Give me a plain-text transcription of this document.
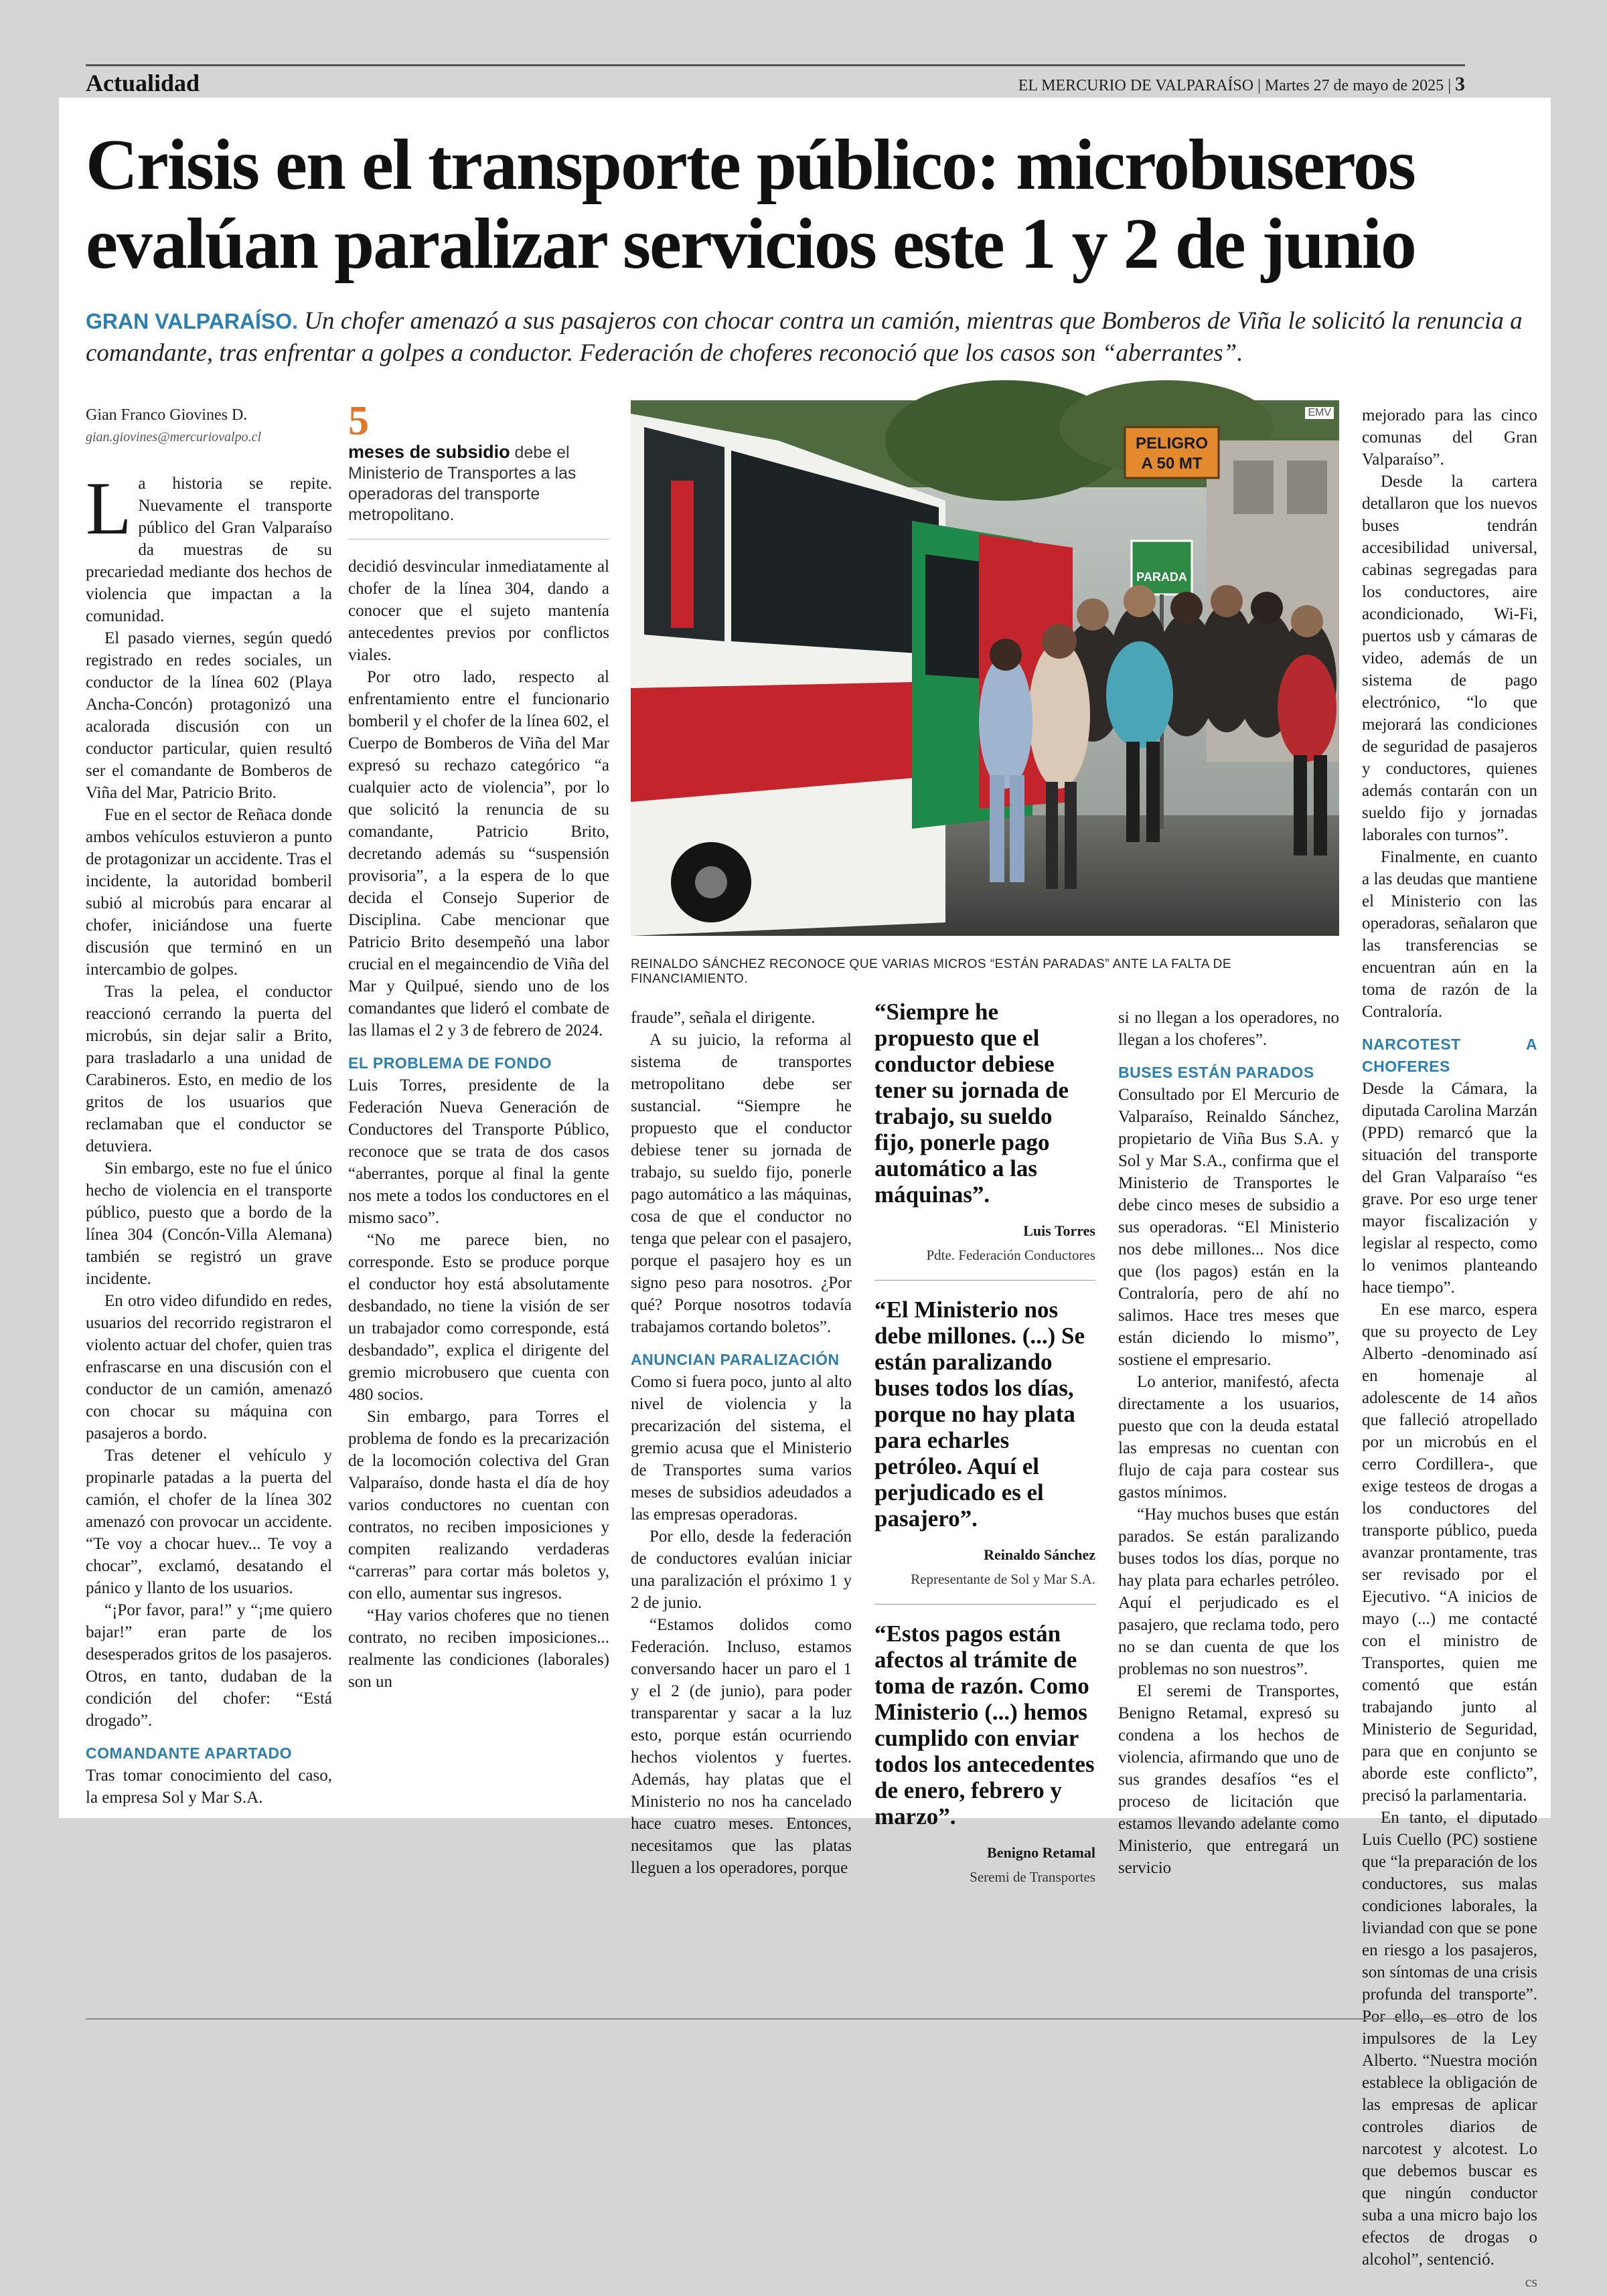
Actualidad	EL MERCURIO DE VALPARAÍSO | Martes 27 de mayo de 2025 | 3
Crisis en el transporte público: microbuseros evalúan paralizar servicios este 1 y 2 de junio
GRAN VALPARAÍSO. Un chofer amenazó a sus pasajeros con chocar contra un camión, mientras que Bomberos de Viña le solicitó la renuncia a comandante, tras enfrentar a golpes a conductor. Federación de choferes reconoció que los casos son “aberrantes”.
Gian Franco Giovines D.
gian.giovines@mercuriovalpo.cl

La historia se repite. Nuevamente el transporte público del Gran Valparaíso da muestras de su precariedad mediante dos hechos de violencia que impactan a la comunidad.

El pasado viernes, según quedó registrado en redes sociales, un conductor de la línea 602 (Playa Ancha-Concón) protagonizó una acalorada discusión con un conductor particular, quien resultó ser el comandante de Bomberos de Viña del Mar, Patricio Brito.

Fue en el sector de Reñaca donde ambos vehículos estuvieron a punto de protagonizar un accidente. Tras el incidente, la autoridad bomberil subió al microbús para encarar al chofer, iniciándose una fuerte discusión que terminó en un intercambio de golpes.

Tras la pelea, el conductor reaccionó cerrando la puerta del microbús, sin dejar salir a Brito, para trasladarlo a una unidad de Carabineros. Esto, en medio de los gritos de los usuarios que reclamaban que el conductor se detuviera.

Sin embargo, este no fue el único hecho de violencia en el transporte público, puesto que a bordo de la línea 304 (Concón-Villa Alemana) también se registró un grave incidente.

En otro video difundido en redes, usuarios del recorrido registraron el violento actuar del chofer, quien tras enfrascarse en una discusión con el conductor de un camión, amenazó con chocar su máquina con pasajeros a bordo.

Tras detener el vehículo y propinarle patadas a la puerta del camión, el chofer de la línea 302 amenazó con provocar un accidente. “Te voy a chocar huev... Te voy a chocar”, exclamó, desatando el pánico y llanto de los usuarios.

“¡Por favor, para!” y “¡me quiero bajar!” eran parte de los desesperados gritos de los pasajeros. Otros, en tanto, dudaban de la condición del chofer: “Está drogado”.

COMANDANTE APARTADO

Tras tomar conocimiento del caso, la empresa Sol y Mar S.A.

5
meses de subsidio debe el Ministerio de Transportes a las operadoras del transporte metropolitano.

decidió desvincular inmediatamente al chofer de la línea 304, dando a conocer que el sujeto mantenía antecedentes previos por conflictos viales.

Por otro lado, respecto al enfrentamiento entre el funcionario bomberil y el chofer de la línea 602, el Cuerpo de Bomberos de Viña del Mar expresó su rechazo categórico “a cualquier acto de violencia”, por lo que solicitó la renuncia de su comandante, Patricio Brito, decretando además su “suspensión provisoria”, a la espera de lo que decida el Consejo Superior de Disciplina. Cabe mencionar que Patricio Brito desempeñó una labor crucial en el megaincendio de Viña del Mar y Quilpué, siendo uno de los comandantes que lideró el combate de las llamas el 2 y 3 de febrero de 2024.

EL PROBLEMA DE FONDO

Luis Torres, presidente de la Federación Nueva Generación de Conductores del Transporte Público, reconoce que se trata de dos casos “aberrantes, porque al final la gente nos mete a todos los conductores en el mismo saco”.

“No me parece bien, no corresponde. Esto se produce porque el conductor hoy está absolutamente desbandado, no tiene la visión de ser un trabajador como corresponde, está desbandado”, explica el dirigente del gremio microbusero que cuenta con 480 socios.

Sin embargo, para Torres el problema de fondo es la precarización de la locomoción colectiva del Gran Valparaíso, donde hasta el día de hoy varios conductores no cuentan con contratos, no reciben imposiciones y compiten realizando verdaderas “carreras” para cortar más boletos y, con ello, aumentar sus ingresos.

“Hay varios choferes que no tienen contrato, no reciben imposiciones... realmente las condiciones (laborales) son un

PELIGRO
A 50 MT
PARADA
EMV
REINALDO SÁNCHEZ RECONOCE QUE VARIAS MICROS “ESTÁN PARADAS” ANTE LA FALTA DE FINANCIAMIENTO.

fraude”, señala el dirigente.

A su juicio, la reforma al sistema de transportes metropolitano debe ser sustancial. “Siempre he propuesto que el conductor debiese tener su jornada de trabajo, su sueldo fijo, ponerle pago automático a las máquinas, cosa de que el conductor no tenga que pelear con el pasajero, porque el pasajero hoy es un signo peso para nosotros. ¿Por qué? Porque nosotros todavía trabajamos cortando boletos”.

ANUNCIAN PARALIZACIÓN

Como si fuera poco, junto al alto nivel de violencia y la precarización del sistema, el gremio acusa que el Ministerio de Transportes suma varios meses de subsidios adeudados a las empresas operadoras.

Por ello, desde la federación de conductores evalúan iniciar una paralización el próximo 1 y 2 de junio.

“Estamos dolidos como Federación. Incluso, estamos conversando hacer un paro el 1 y el 2 (de junio), para poder transparentar y sacar a la luz esto, porque están ocurriendo hechos violentos y fuertes. Además, hay platas que el Ministerio no nos ha cancelado hace cuatro meses. Entonces, necesitamos que las platas lleguen a los operadores, porque

“Siempre he propuesto que el conductor debiese tener su jornada de trabajo, su sueldo fijo, ponerle pago automático a las máquinas”.
Luis Torres
Pdte. Federación Conductores
“El Ministerio nos debe millones. (...) Se están paralizando buses todos los días, porque no hay plata para echarles petróleo. Aquí el perjudicado es el pasajero”.
Reinaldo Sánchez
Representante de Sol y Mar S.A.
“Estos pagos están afectos al trámite de toma de razón. Como Ministerio (...) hemos cumplido con enviar todos los antecedentes de enero, febrero y marzo”.
Benigno Retamal
Seremi de Transportes

si no llegan a los operadores, no llegan a los choferes”.

BUSES ESTÁN PARADOS

Consultado por El Mercurio de Valparaíso, Reinaldo Sánchez, propietario de Viña Bus S.A. y Sol y Mar S.A., confirma que el Ministerio de Transportes le debe cinco meses de subsidio a sus operadoras. “El Ministerio nos debe millones... Nos dice que (los pagos) están en la Contraloría, pero de ahí no salimos. Hace tres meses que están diciendo lo mismo”, sostiene el empresario.

Lo anterior, manifestó, afecta directamente a los usuarios, puesto que con la deuda estatal las empresas no cuentan con flujo de caja para costear sus gastos mínimos.

“Hay muchos buses que están parados. Se están paralizando buses todos los días, porque no hay plata para echarles petróleo. Aquí el perjudicado es el pasajero, que reclama todo, pero no se dan cuenta de que los problemas no son nuestros”.

El seremi de Transportes, Benigno Retamal, expresó su condena a los hechos de violencia, afirmando que uno de sus grandes desafíos “es el proceso de licitación que estamos llevando adelante como Ministerio, que entregará un servicio

mejorado para las cinco comunas del Gran Valparaíso”.

Desde la cartera detallaron que los nuevos buses tendrán accesibilidad universal, cabinas segregadas para los conductores, aire acondicionado, Wi-Fi, puertos usb y cámaras de video, además de un sistema de pago electrónico, “lo que mejorará las condiciones de seguridad de pasajeros y conductores, quienes además contarán con un sueldo fijo y jornadas laborales con turnos”.

Finalmente, en cuanto a las deudas que mantiene el Ministerio con las operadoras, señalaron que las transferencias se encuentran aún en la toma de razón de la Contraloría.

NARCOTEST A CHOFERES

Desde la Cámara, la diputada Carolina Marzán (PPD) remarcó que la situación del transporte del Gran Valparaíso “es grave. Por eso urge tener mayor fiscalización y legislar al respecto, como lo venimos planteando hace tiempo”.

En ese marco, espera que su proyecto de Ley Alberto -denominado así en homenaje al adolescente de 14 años que falleció atropellado por un microbús en el cerro Cordillera-, que exige testeos de drogas a los conductores del transporte público, pueda avanzar prontamente, tras ser revisado por el Ejecutivo. “A inicios de mayo (...) me contacté con el ministro de Transportes, quien me comentó que están trabajando junto al Ministerio de Seguridad, para que en conjunto se aborde este conflicto”, precisó la parlamentaria.

En tanto, el diputado Luis Cuello (PC) sostiene que “la preparación de los conductores, sus malas condiciones laborales, la liviandad con que se pone en riesgo a los pasajeros, son síntomas de una crisis profunda del transporte”. Por ello, es otro de los impulsores de la Ley Alberto. “Nuestra moción establece la obligación de las empresas de aplicar controles diarios de narcotest y alcotest. Lo que debemos buscar es que ningún conductor suba a una micro bajo los efectos de drogas o alcohol”, sentenció.

cs
